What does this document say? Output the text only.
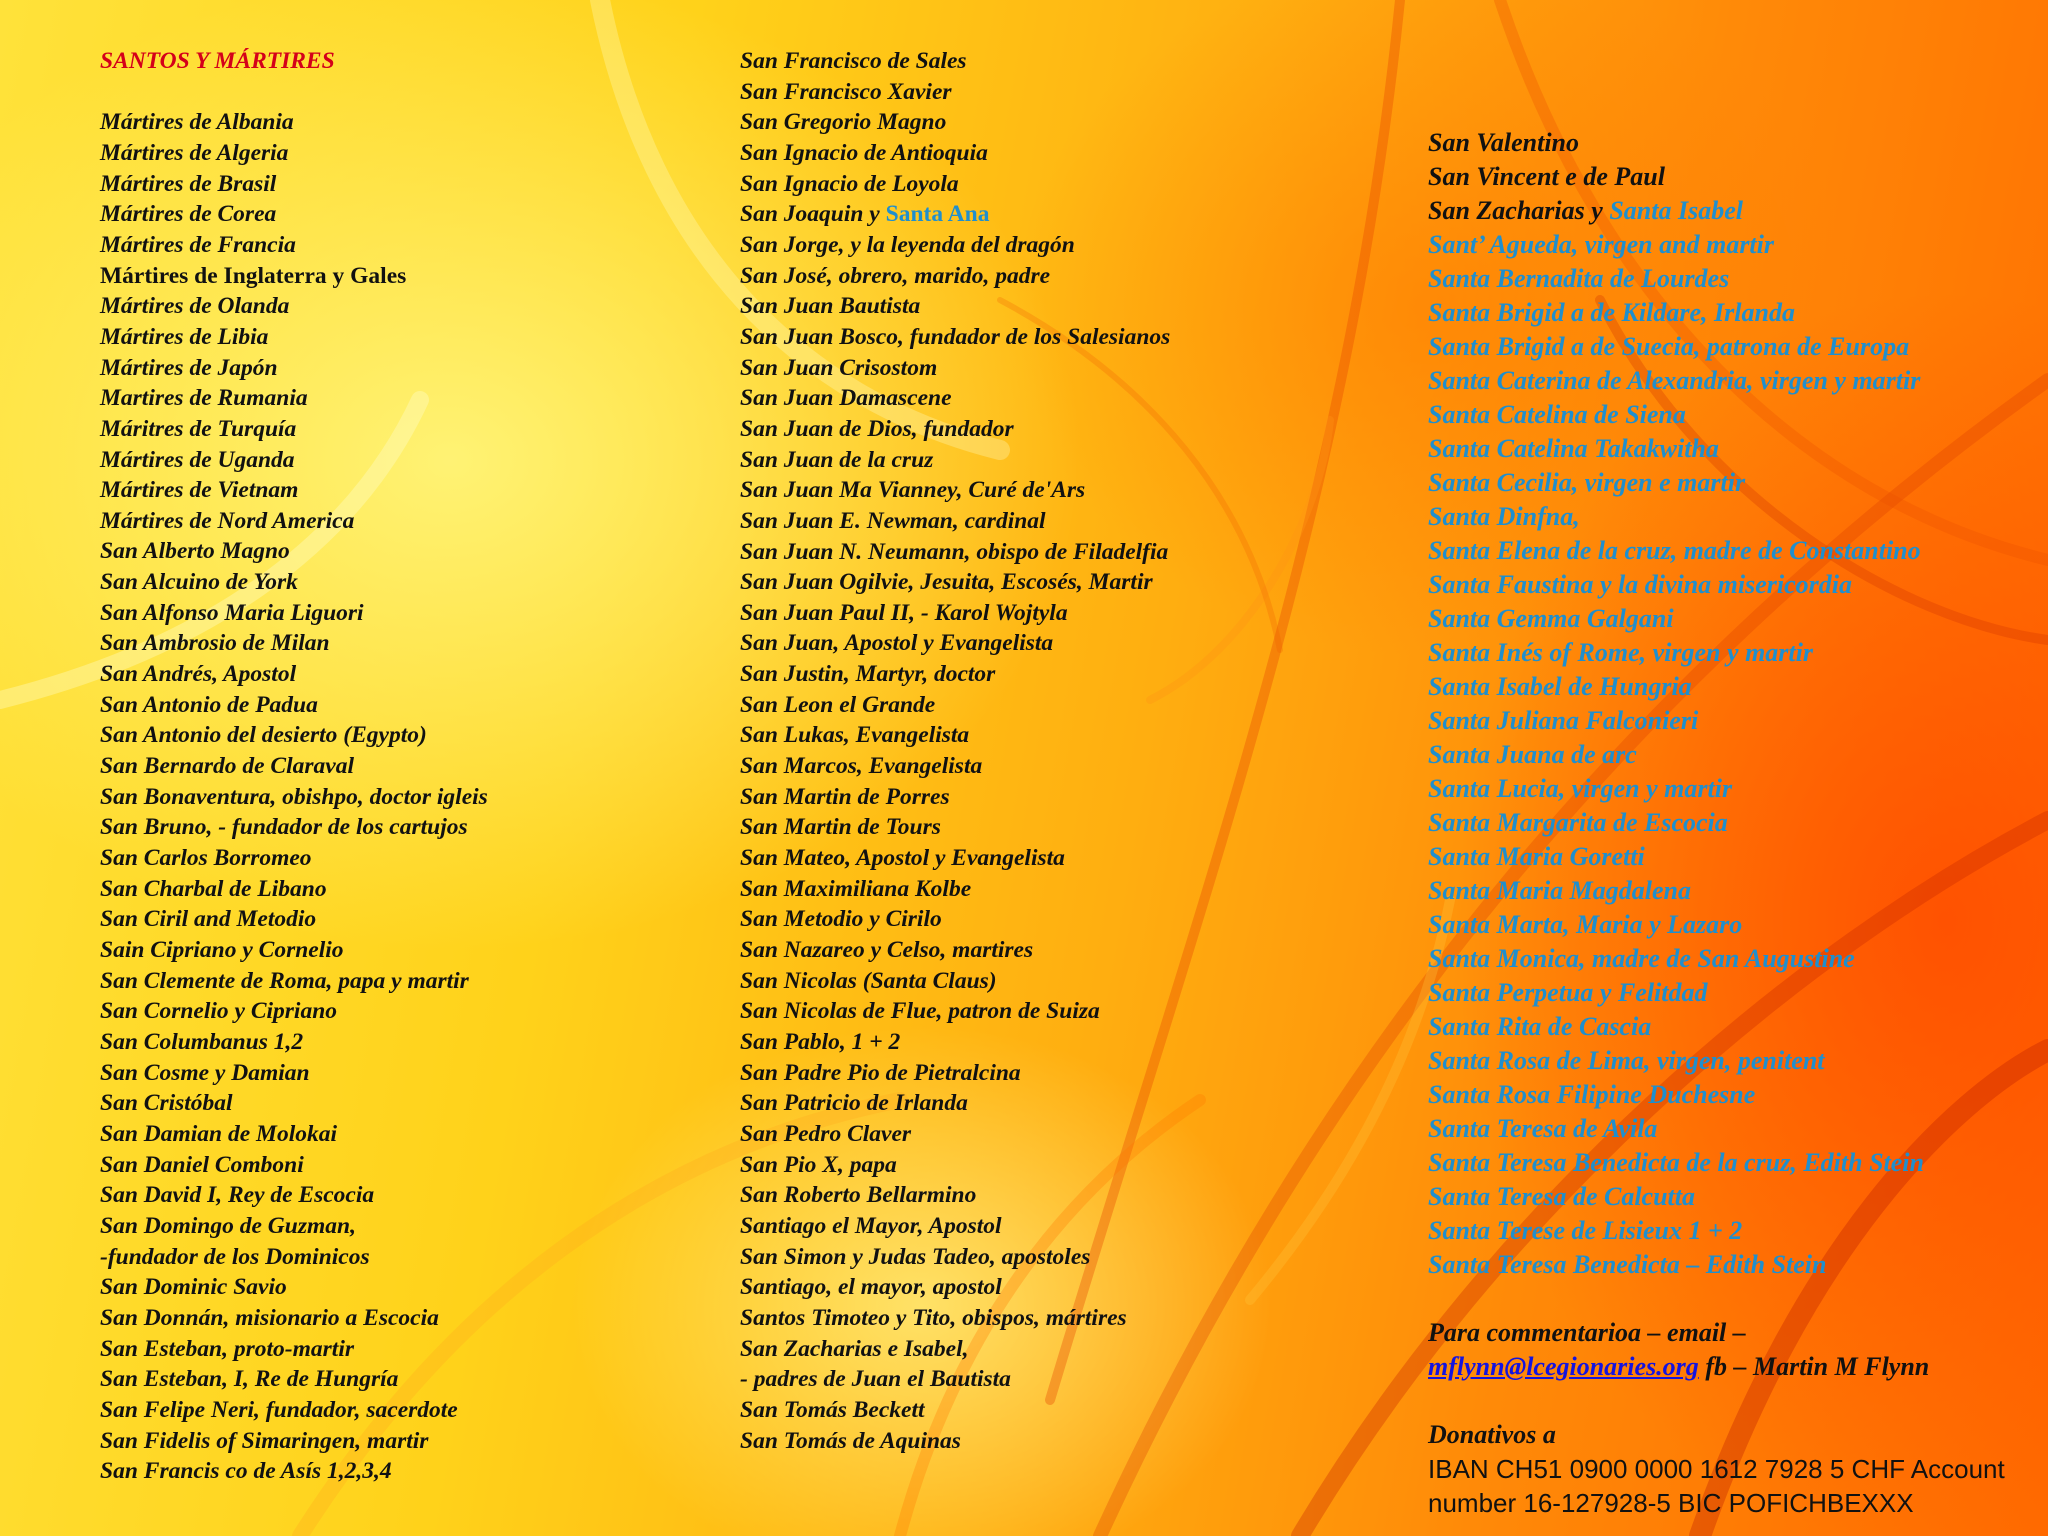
SANTOS Y MÁRTIRES
Mártires de Albania
Mártires de Algeria
Mártires de Brasil
Mártires de Corea
Mártires de Francia
Mártires de Inglaterra y Gales
Mártires de Olanda
Mártires de Libia
Mártires de Japón
Martires de Rumania
Máritres de Turquía
Mártires de Uganda
Mártires de Vietnam
Mártires de Nord America
San Alberto Magno
San Alcuino de York
San Alfonso Maria Liguori
San Ambrosio de Milan
San Andrés, Apostol
San Antonio de Padua
San Antonio del desierto (Egypto)
San Bernardo de Claraval
San Bonaventura, obishpo, doctor igleis
San Bruno, - fundador de los cartujos
San Carlos Borromeo
San Charbal de Libano
San Ciril and Metodio
Sain Cipriano y Cornelio
San Clemente de Roma, papa y martir
San Cornelio y Cipriano
San Columbanus 1,2
San Cosme y Damian
San Cristóbal
San Damian de Molokai
San Daniel Comboni
San David I, Rey de Escocia
San Domingo de Guzman,
-fundador de los Dominicos
San Dominic Savio
San Donnán, misionario a Escocia
San Esteban, proto-martir
San Esteban, I, Re de Hungría
San Felipe Neri, fundador, sacerdote
San Fidelis of Simaringen, martir
San Francis co de Asís 1,2,3,4
San Francisco de Sales
San Francisco Xavier
San Gregorio Magno
San Ignacio de Antioquia
San Ignacio de Loyola
San Joaquin y Santa Ana
San Jorge, y la leyenda del dragón
San José, obrero, marido, padre
San Juan Bautista
San Juan Bosco, fundador de los Salesianos
San Juan Crisostom
San Juan Damascene
San Juan de Dios, fundador
San Juan de la cruz
San Juan Ma Vianney, Curé de'Ars
San Juan E. Newman, cardinal
San Juan N. Neumann, obispo de Filadelfia
San Juan Ogilvie, Jesuita, Escosés, Martir
San Juan Paul II, - Karol Wojtyla
San Juan, Apostol y Evangelista
San Justin, Martyr, doctor
San Leon el Grande
San Lukas, Evangelista
San Marcos, Evangelista
San Martin de Porres
San Martin de Tours
San Mateo, Apostol y Evangelista
San Maximiliana Kolbe
San Metodio y Cirilo
San Nazareo y Celso, martires
San Nicolas (Santa Claus)
San Nicolas de Flue, patron de Suiza
San Pablo, 1 + 2
San Padre Pio de Pietralcina
San Patricio de Irlanda
San Pedro Claver
San Pio X, papa
San Roberto Bellarmino
Santiago el Mayor, Apostol
San Simon y Judas Tadeo, apostoles
Santiago, el mayor, apostol
Santos Timoteo y Tito, obispos, mártires
San Zacharias e Isabel,
- padres de Juan el Bautista
San Tomás Beckett
San Tomás de Aquinas
San Valentino
San Vincent e de Paul
San Zacharias y Santa Isabel
Sant’ Agueda, virgen and martir
Santa Bernadita de Lourdes
Santa Brigid a de Kildare, Irlanda
Santa Brigid a de Suecia, patrona de Europa
Santa Caterina de Alexandria, virgen y martir
Santa Catelina de Siena
Santa Catelina Takakwitha
Santa Cecilia, virgen e martir
Santa Dinfna,
Santa Elena de la cruz, madre de Constantino
Santa Faustina y la divina misericordia
Santa Gemma Galgani
Santa Inés of Rome, virgen y martir
Santa Isabel de Hungria
Santa Juliana Falconieri
Santa Juana de arc
Santa Lucia, virgen y martir
Santa Margarita de Escocia
Santa Maria Goretti
Santa Maria Magdalena
Santa Marta, Maria y Lazaro
Santa Monica, madre de San Augustine
Santa Perpetua y Felitdad
Santa Rita de Cascia
Santa Rosa de Lima, virgen, penitent
Santa Rosa Filipine Duchesne
Santa Teresa de Avila
Santa Teresa Benedicta de la cruz, Edith Stein
Santa Teresa de Calcutta
Santa Terese de Lisieux 1 + 2
Santa Teresa Benedicta – Edith Stein
Para commentarioa – email –
mflynn@lcegionaries.org fb – Martin M Flynn
Donativos a
IBAN CH51 0900 0000 1612 7928 5 CHF Account
number 16-127928-5 BIC POFICHBEXXX
